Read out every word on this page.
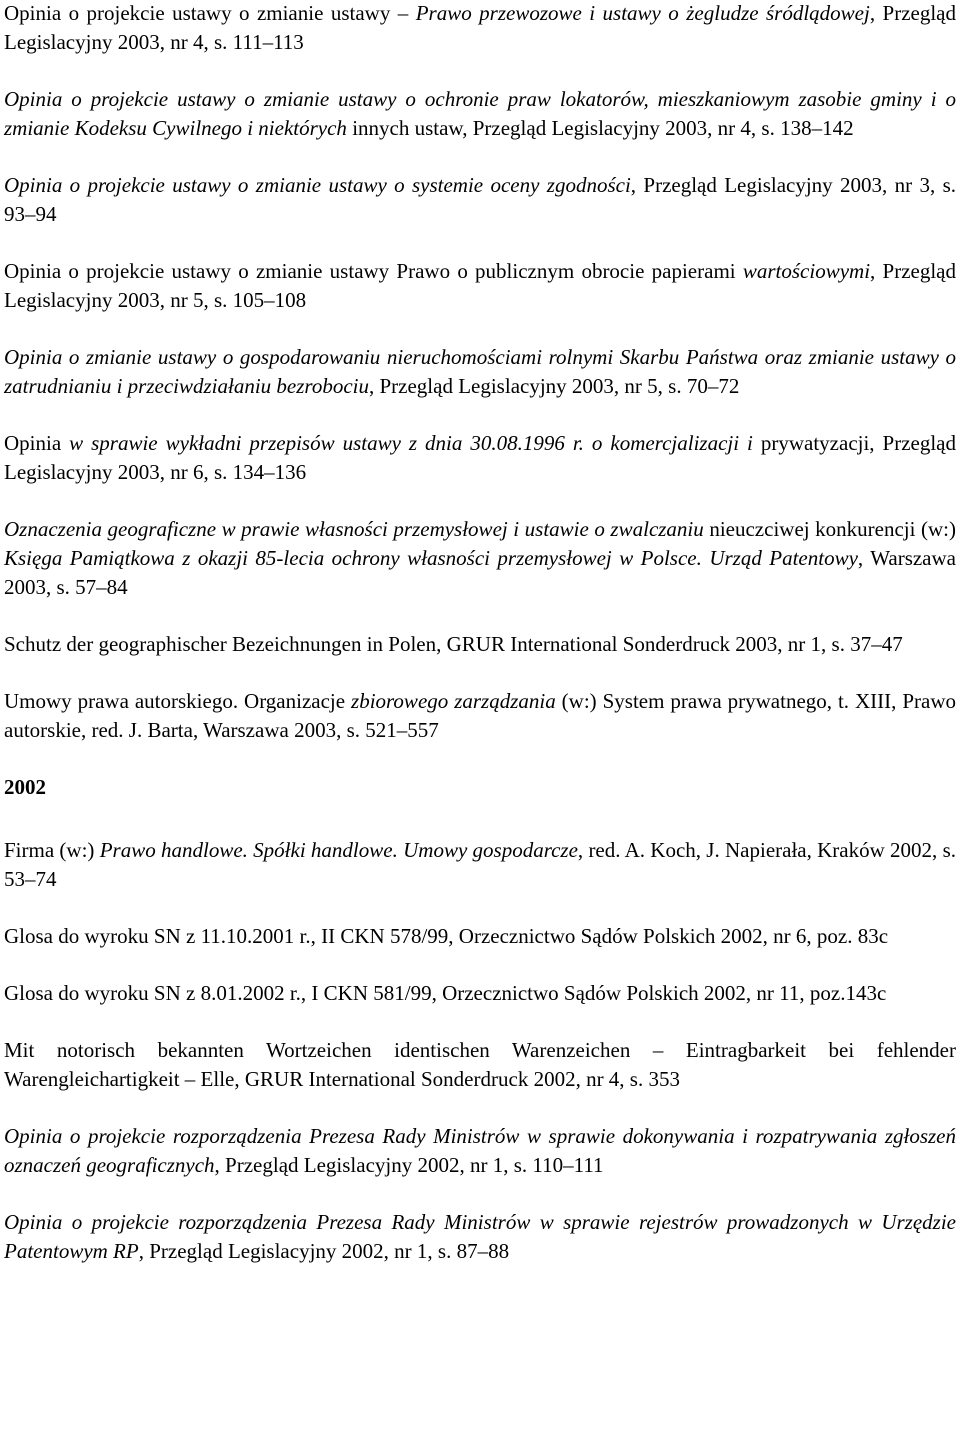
Opinia o projekcie ustawy o zmianie ustawy – Prawo przewozowe i ustawy o żegludze śródlądowej, Przegląd Legislacyjny 2003, nr 4, s. 111–113

Opinia o projekcie ustawy o zmianie ustawy o ochronie praw lokatorów, mieszkaniowym zasobie gminy i o zmianie Kodeksu Cywilnego i niektórych innych ustaw, Przegląd Legislacyjny 2003, nr 4, s. 138–142

Opinia o projekcie ustawy o zmianie ustawy o systemie oceny zgodności, Przegląd Legislacyjny 2003, nr 3, s. 93–94

Opinia o projekcie ustawy o zmianie ustawy Prawo o publicznym obrocie papierami wartościowymi, Przegląd Legislacyjny 2003, nr 5, s. 105–108

Opinia o zmianie ustawy o gospodarowaniu nieruchomościami rolnymi Skarbu Państwa oraz zmianie ustawy o zatrudnianiu i przeciwdziałaniu bezrobociu, Przegląd Legislacyjny 2003, nr 5, s. 70–72

Opinia w sprawie wykładni przepisów ustawy z dnia 30.08.1996 r. o komercjalizacji i prywatyzacji, Przegląd Legislacyjny 2003, nr 6, s. 134–136

Oznaczenia geograficzne w prawie własności przemysłowej i ustawie o zwalczaniu nieuczciwej konkurencji (w:) Księga Pamiątkowa z okazji 85-lecia ochrony własności przemysłowej w Polsce. Urząd Patentowy, Warszawa 2003, s. 57–84

Schutz der geographischer Bezeichnungen in Polen, GRUR International Sonderdruck 2003, nr 1, s. 37–47

Umowy prawa autorskiego. Organizacje zbiorowego zarządzania (w:) System prawa prywatnego, t. XIII, Prawo autorskie, red. J. Barta, Warszawa 2003, s. 521–557

2002

Firma (w:) Prawo handlowe. Spółki handlowe. Umowy gospodarcze, red. A. Koch, J. Napierała, Kraków 2002, s. 53–74

Glosa do wyroku SN z 11.10.2001 r., II CKN 578/99, Orzecznictwo Sądów Polskich 2002, nr 6, poz. 83c

Glosa do wyroku SN z 8.01.2002 r., I CKN 581/99, Orzecznictwo Sądów Polskich 2002, nr 11, poz.143c

Mit notorisch bekannten Wortzeichen identischen Warenzeichen – Eintragbarkeit bei fehlender Warengleichartigkeit – Elle, GRUR International Sonderdruck 2002, nr 4, s. 353

Opinia o projekcie rozporządzenia Prezesa Rady Ministrów w sprawie dokonywania i rozpatrywania zgłoszeń oznaczeń geograficznych, Przegląd Legislacyjny 2002, nr 1, s. 110–111

Opinia o projekcie rozporządzenia Prezesa Rady Ministrów w sprawie rejestrów prowadzonych w Urzędzie Patentowym RP, Przegląd Legislacyjny 2002, nr 1, s. 87–88
